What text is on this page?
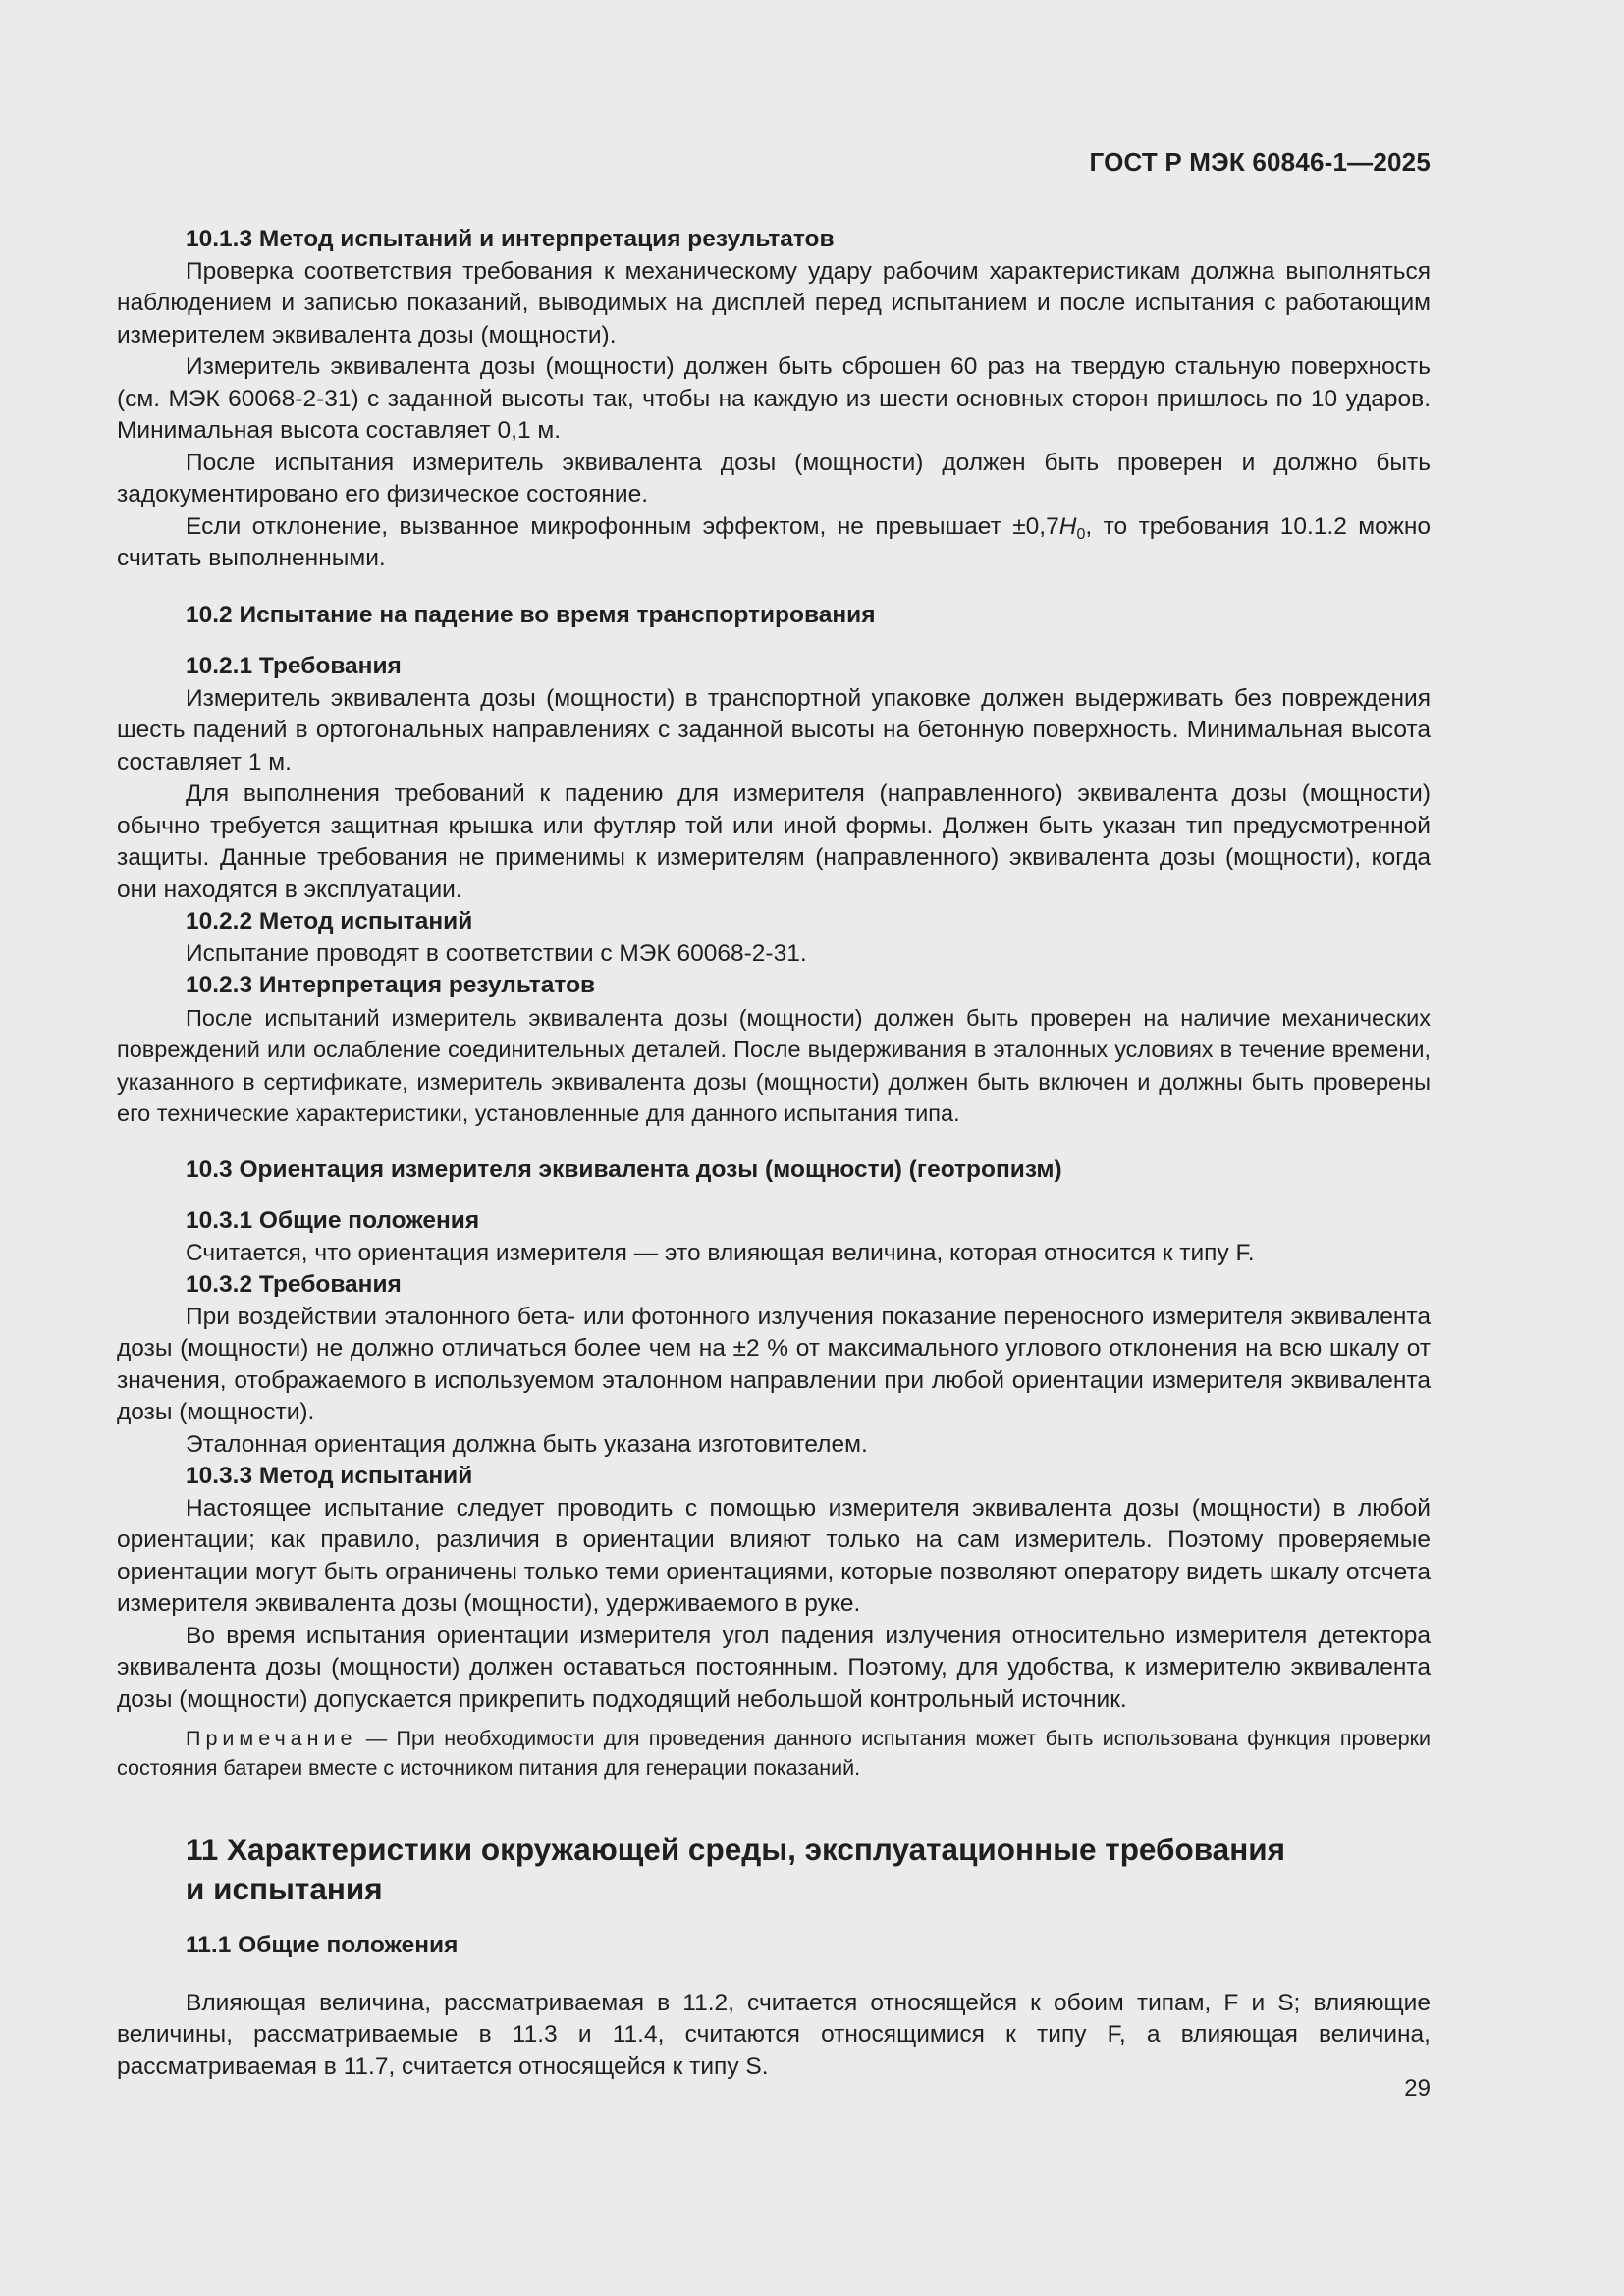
ГОСТ Р МЭК 60846-1—2025

10.1.3 Метод испытаний и интерпретация результатов

Проверка соответствия требования к механическому удару рабочим характеристикам должна выполняться наблюдением и записью показаний, выводимых на дисплей перед испытанием и после испытания с работающим измерителем эквивалента дозы (мощности).

Измеритель эквивалента дозы (мощности) должен быть сброшен 60 раз на твердую стальную поверхность (см. МЭК 60068-2-31) с заданной высоты так, чтобы на каждую из шести основных сторон пришлось по 10 ударов. Минимальная высота составляет 0,1 м.

После испытания измеритель эквивалента дозы (мощности) должен быть проверен и должно быть задокументировано его физическое состояние.

Если отклонение, вызванное микрофонным эффектом, не превышает $\pm 0,7H_0$, то требования 10.1.2 можно считать выполненными.

10.2 Испытание на падение во время транспортирования

10.2.1 Требования

Измеритель эквивалента дозы (мощности) в транспортной упаковке должен выдерживать без повреждения шесть падений в ортогональных направлениях с заданной высоты на бетонную поверхность. Минимальная высота составляет 1 м.

Для выполнения требований к падению для измерителя (направленного) эквивалента дозы (мощности) обычно требуется защитная крышка или футляр той или иной формы. Должен быть указан тип предусмотренной защиты. Данные требования не применимы к измерителям (направленного) эквивалента дозы (мощности), когда они находятся в эксплуатации.

10.2.2 Метод испытаний

Испытание проводят в соответствии с МЭК 60068-2-31.

10.2.3 Интерпретация результатов

После испытаний измеритель эквивалента дозы (мощности) должен быть проверен на наличие механических повреждений или ослабление соединительных деталей. После выдерживания в эталонных условиях в течение времени, указанного в сертификате, измеритель эквивалента дозы (мощности) должен быть включен и должны быть проверены его технические характеристики, установленные для данного испытания типа.

10.3 Ориентация измерителя эквивалента дозы (мощности) (геотропизм)

10.3.1 Общие положения

Считается, что ориентация измерителя — это влияющая величина, которая относится к типу F.

10.3.2 Требования

При воздействии эталонного бета- или фотонного излучения показание переносного измерителя эквивалента дозы (мощности) не должно отличаться более чем на ±2 % от максимального углового отклонения на всю шкалу от значения, отображаемого в используемом эталонном направлении при любой ориентации измерителя эквивалента дозы (мощности).

Эталонная ориентация должна быть указана изготовителем.

10.3.3 Метод испытаний

Настоящее испытание следует проводить с помощью измерителя эквивалента дозы (мощности) в любой ориентации; как правило, различия в ориентации влияют только на сам измеритель. Поэтому проверяемые ориентации могут быть ограничены только теми ориентациями, которые позволяют оператору видеть шкалу отсчета измерителя эквивалента дозы (мощности), удерживаемого в руке.

Во время испытания ориентации измерителя угол падения излучения относительно измерителя детектора эквивалента дозы (мощности) должен оставаться постоянным. Поэтому, для удобства, к измерителю эквивалента дозы (мощности) допускается прикрепить подходящий небольшой контрольный источник.

Примечание — При необходимости для проведения данного испытания может быть использована функция проверки состояния батареи вместе с источником питания для генерации показаний.

11 Характеристики окружающей среды, эксплуатационные требования
и испытания

11.1 Общие положения

Влияющая величина, рассматриваемая в 11.2, считается относящейся к обоим типам, F и S; влияющие величины, рассматриваемые в 11.3 и 11.4, считаются относящимися к типу F, а влияющая величина, рассматриваемая в 11.7, считается относящейся к типу S.

29
